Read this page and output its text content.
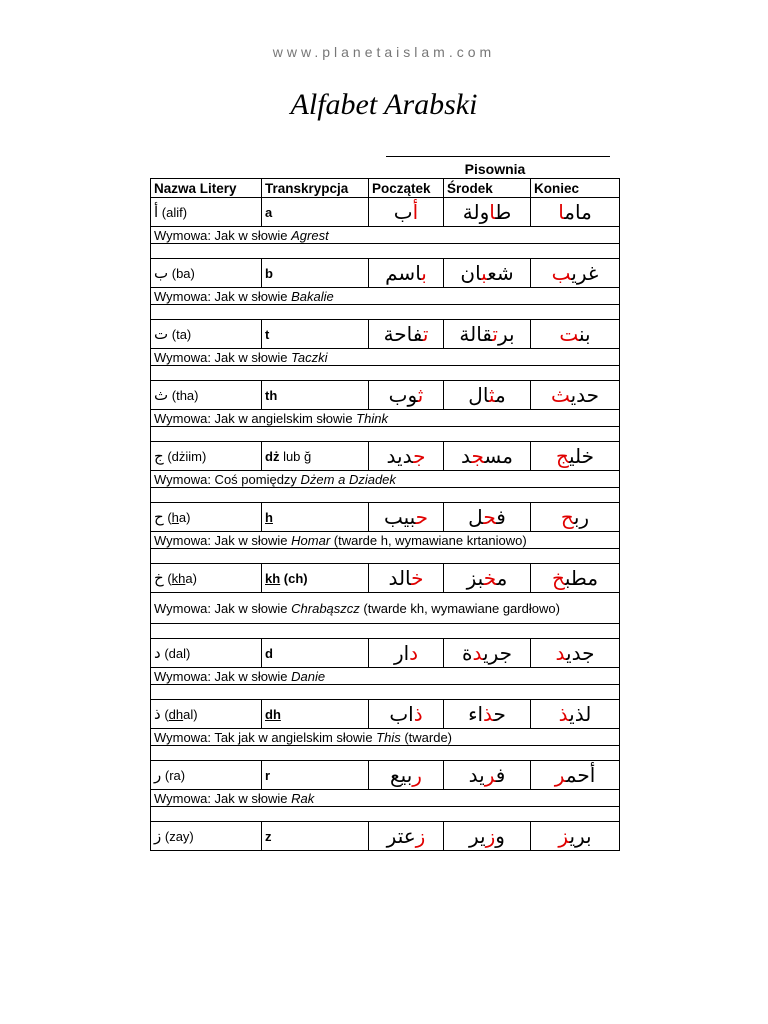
www.planetaislam.com
Alfabet Arabski
Pisownia
Nazwa Litery	Transkrypcja	Początek	Środek	Koniec
أ (alif)	a	أب	طاولة	ماما
Wymowa: Jak w słowie Agrest				

ب (ba)	b	باسم	شعبان	غريب
Wymowa: Jak w słowie Bakalie				

ت (ta)	t	تفاحة	برتقالة	بنت
Wymowa: Jak w słowie Taczki				

ث (tha)	th	ثوب	مثال	حديث
Wymowa: Jak w angielskim słowie Think				

ج (dżiim)	dż lub ğ	جديد	مسجد	خليج
Wymowa: Coś pomiędzy Dżem a Dziadek				

ح (ha)	h	حبيب	فحل	ربح
Wymowa: Jak w słowie Homar (twarde h, wymawiane krtaniowo)				

خ (kha)	kh (ch)	خالد	مخبز	مطبخ
Wymowa: Jak w słowie Chrabąszcz (twarde kh, wymawiane gardłowo)				

د (dal)	d	دار	جريدة	جديد
Wymowa: Jak w słowie Danie				

ذ (dhal)	dh	ذاب	حذاء	لذيذ
Wymowa: Tak jak w angielskim słowie This (twarde)				

ر (ra)	r	ربيع	فريد	أحمر
Wymowa: Jak w słowie Rak				

ز (zay)	z	زعتر	وزير	بريز
